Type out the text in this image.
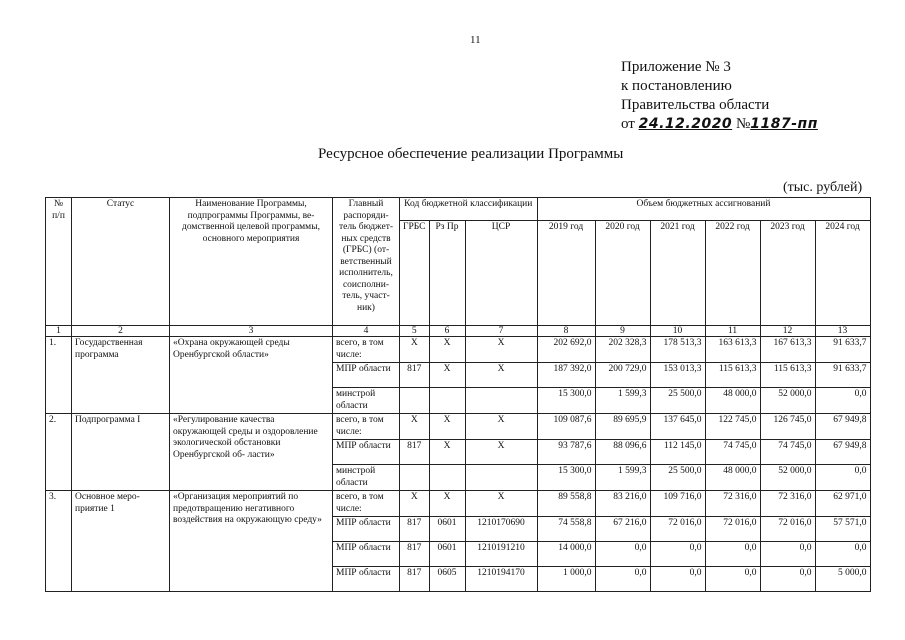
11
Приложение № 3
к постановлению
Правительства области
от 24.12.2020 №1187-пп
Ресурсное обеспечение реализации Программы
(тыс. рублей)
№ п/п	Статус	Наименование Программы, подпрограммы Программы, ве- домственной целевой программы, основного мероприятия	Главный распоряди- тель бюджет- ных средств (ГРБС) (от- ветственный исполнитель, соисполни- тель, участ- ник)	Код бюджетной классификации			Объем бюджетных ассигнований					
				ГРБС	Рз Пр	ЦСР	2019 год	2020 год	2021 год	2022 год	2023 год	2024 год
1	2	3	4	5	6	7	8	9	10	11	12	13
1.	Государственная программа	«Охрана окружающей среды Оренбургской области»	всего, в том числе:	X	X	X	202 692,0	202 328,3	178 513,3	163 613,3	167 613,3	91 633,7
			МПР области	817	X	X	187 392,0	200 729,0	153 013,3	115 613,3	115 613,3	91 633,7
			минстрой области				15 300,0	1 599,3	25 500,0	48 000,0	52 000,0	0,0
2.	Подпрограмма I	«Регулирование качества окружающей среды и оздоровление экологической обстановки Оренбургской об- ласти»	всего, в том числе:	X	X	X	109 087,6	89 695,9	137 645,0	122 745,0	126 745,0	67 949,8
			МПР области	817	X	X	93 787,6	88 096,6	112 145,0	74 745,0	74 745,0	67 949,8
			минстрой области				15 300,0	1 599,3	25 500,0	48 000,0	52 000,0	0,0
3.	Основное меро- приятие 1	«Организация мероприятий по предотвращению негативного воздействия на окружающую среду»	всего, в том числе:	X	X	X	89 558,8	83 216,0	109 716,0	72 316,0	72 316,0	62 971,0
			МПР области	817	0601	1210170690	74 558,8	67 216,0	72 016,0	72 016,0	72 016,0	57 571,0
			МПР области	817	0601	1210191210	14 000,0	0,0	0,0	0,0	0,0	0,0
			МПР области	817	0605	1210194170	1 000,0	0,0	0,0	0,0	0,0	5 000,0
